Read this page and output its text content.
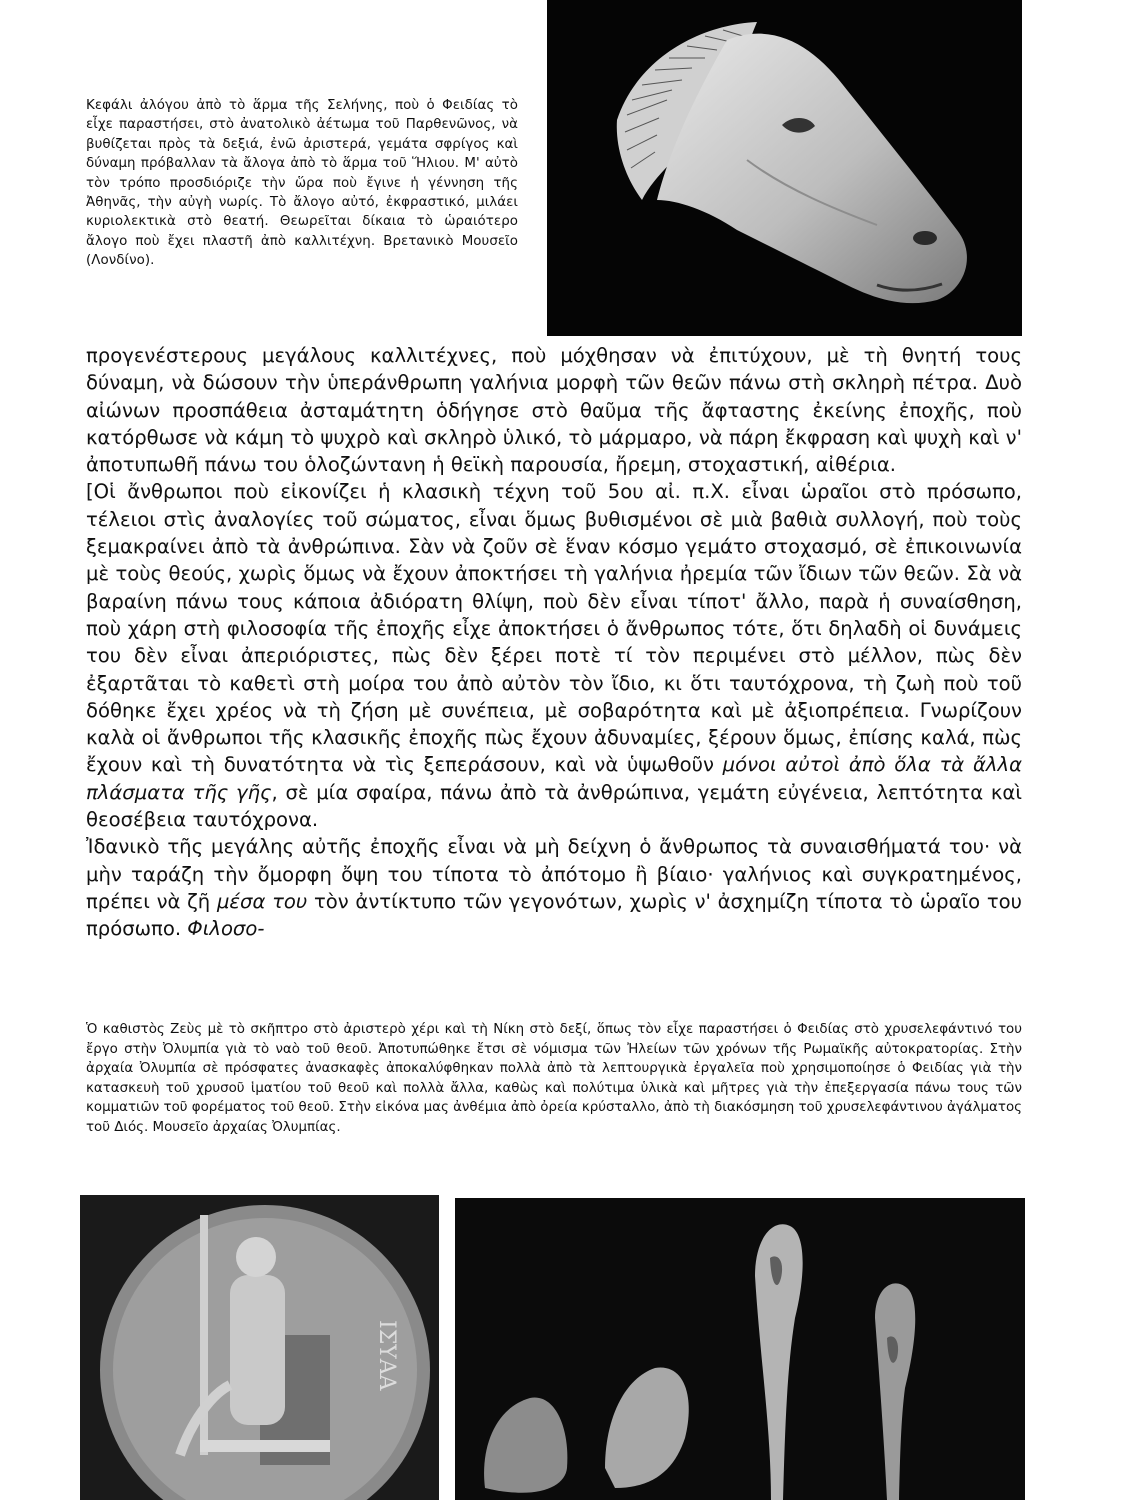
Κεφάλι ἀλόγου ἀπὸ τὸ ἅρμα τῆς Σελήνης, ποὺ ὁ Φειδίας τὸ εἶχε παραστήσει, στὸ ἀνατολικὸ ἀέτωμα τοῦ Παρθενῶνος, νὰ βυθίζεται πρὸς τὰ δεξιά, ἐνῶ ἀριστερά, γεμάτα σφρίγος καὶ δύναμη πρόβαλλαν τὰ ἄλογα ἀπὸ τὸ ἅρμα τοῦ Ἥλιου. Μ' αὐτὸ τὸν τρόπο προσδιόριζε τὴν ὥρα ποὺ ἔγινε ἡ γέννηση τῆς Ἀθηνᾶς, τὴν αὐγὴ νωρίς. Τὸ ἄλογο αὐτό, ἐκφραστικό, μιλάει κυριολεκτικὰ στὸ θεατή. Θεωρεῖται δίκαια τὸ ὡραιότερο ἄλογο ποὺ ἔχει πλαστῆ ἀπὸ καλλιτέχνη. Βρετανικὸ Μουσεῖο (Λονδίνο).

προγενέστερους μεγάλους καλλιτέχνες, ποὺ μόχθησαν νὰ ἐπιτύχουν, μὲ τὴ θνητή τους δύναμη, νὰ δώσουν τὴν ὑπεράνθρωπη γαλήνια μορφὴ τῶν θεῶν πάνω στὴ σκληρὴ πέτρα. Δυὸ αἰώνων προσπάθεια ἀσταμάτητη ὁδήγησε στὸ θαῦμα τῆς ἄφταστης ἐκείνης ἐποχῆς, ποὺ κατόρθωσε νὰ κάμη τὸ ψυχρὸ καὶ σκληρὸ ὑλικό, τὸ μάρμαρο, νὰ πάρη ἔκφραση καὶ ψυχὴ καὶ ν' ἀποτυπωθῆ πάνω του ὁλοζώντανη ἡ θεϊκὴ παρουσία, ἤρεμη, στοχαστική, αἰθέρια.

[Οἱ ἄνθρωποι ποὺ εἰκονίζει ἡ κλασικὴ τέχνη τοῦ 5ου αἰ. π.Χ. εἶναι ὡραῖοι στὸ πρόσωπο, τέλειοι στὶς ἀναλογίες τοῦ σώματος, εἶναι ὅμως βυθισμένοι σὲ μιὰ βαθιὰ συλλογή, ποὺ τοὺς ξεμακραίνει ἀπὸ τὰ ἀνθρώπινα. Σὰν νὰ ζοῦν σὲ ἕναν κόσμο γεμάτο στοχασμό, σὲ ἐπικοινωνία μὲ τοὺς θεούς, χωρὶς ὅμως νὰ ἔχουν ἀποκτήσει τὴ γαλήνια ἠρεμία τῶν ἴδιων τῶν θεῶν. Σὰ νὰ βαραίνη πάνω τους κάποια ἀδιόρατη θλίψη, ποὺ δὲν εἶναι τίποτ' ἄλλο, παρὰ ἡ συναίσθηση, ποὺ χάρη στὴ φιλοσοφία τῆς ἐποχῆς εἶχε ἀποκτήσει ὁ ἄνθρωπος τότε, ὅτι δηλαδὴ οἱ δυνάμεις του δὲν εἶναι ἀπεριόριστες, πὼς δὲν ξέρει ποτὲ τί τὸν περιμένει στὸ μέλλον, πὼς δὲν ἐξαρτᾶται τὸ καθετὶ στὴ μοίρα του ἀπὸ αὐτὸν τὸν ἴδιο, κι ὅτι ταυτόχρονα, τὴ ζωὴ ποὺ τοῦ δόθηκε ἔχει χρέος νὰ τὴ ζήση μὲ συνέπεια, μὲ σοβαρότητα καὶ μὲ ἀξιοπρέπεια. Γνωρίζουν καλὰ οἱ ἄνθρωποι τῆς κλασικῆς ἐποχῆς πὼς ἔχουν ἀδυναμίες, ξέρουν ὅμως, ἐπίσης καλά, πὼς ἔχουν καὶ τὴ δυνατότητα νὰ τὶς ξεπεράσουν, καὶ νὰ ὑψωθοῦν μόνοι αὐτοὶ ἀπὸ ὅλα τὰ ἄλλα πλάσματα τῆς γῆς, σὲ μία σφαίρα, πάνω ἀπὸ τὰ ἀνθρώπινα, γεμάτη εὐγένεια, λεπτότητα καὶ θεοσέβεια ταυτόχρονα.

Ἰδανικὸ τῆς μεγάλης αὐτῆς ἐποχῆς εἶναι νὰ μὴ δείχνη ὁ ἄνθρωπος τὰ συναισθήματά του· νὰ μὴν ταράζη τὴν ὄμορφη ὄψη του τίποτα τὸ ἀπότομο ἢ βίαιο· γαλήνιος καὶ συγκρατημένος, πρέπει νὰ ζῆ μέσα του τὸν ἀντίκτυπο τῶν γεγονότων, χωρὶς ν' ἀσχημίζη τίποτα τὸ ὡραῖο του πρόσωπο. Φιλοσο-

Ὁ καθιστὸς Ζεὺς μὲ τὸ σκῆπτρο στὸ ἀριστερὸ χέρι καὶ τὴ Νίκη στὸ δεξί, ὅπως τὸν εἶχε παραστήσει ὁ Φειδίας στὸ χρυσελεφάντινό του ἔργο στὴν Ὀλυμπία γιὰ τὸ ναὸ τοῦ θεοῦ. Ἀποτυπώθηκε ἔτσι σὲ νόμισμα τῶν Ἠλείων τῶν χρόνων τῆς Ρωμαϊκῆς αὐτοκρατορίας. Στὴν ἀρχαία Ὀλυμπία σὲ πρόσφατες ἀνασκαφὲς ἀποκαλύφθηκαν πολλὰ ἀπὸ τὰ λεπτουργικὰ ἐργαλεῖα ποὺ χρησιμοποίησε ὁ Φειδίας γιὰ τὴν κατασκευὴ τοῦ χρυσοῦ ἱματίου τοῦ θεοῦ καὶ πολλὰ ἄλλα, καθὼς καὶ πολύτιμα ὑλικὰ καὶ μῆτρες γιὰ τὴν ἐπεξεργασία πάνω τους τῶν κομματιῶν τοῦ φορέματος τοῦ θεοῦ. Στὴν εἰκόνα μας ἀνθέμια ἀπὸ ὀρεία κρύσταλλο, ἀπὸ τὴ διακόσμηση τοῦ χρυσελεφάντινου ἀγάλματος τοῦ Διός. Μουσεῖο ἀρχαίας Ὀλυμπίας.
ΙΣΥΑΑ
